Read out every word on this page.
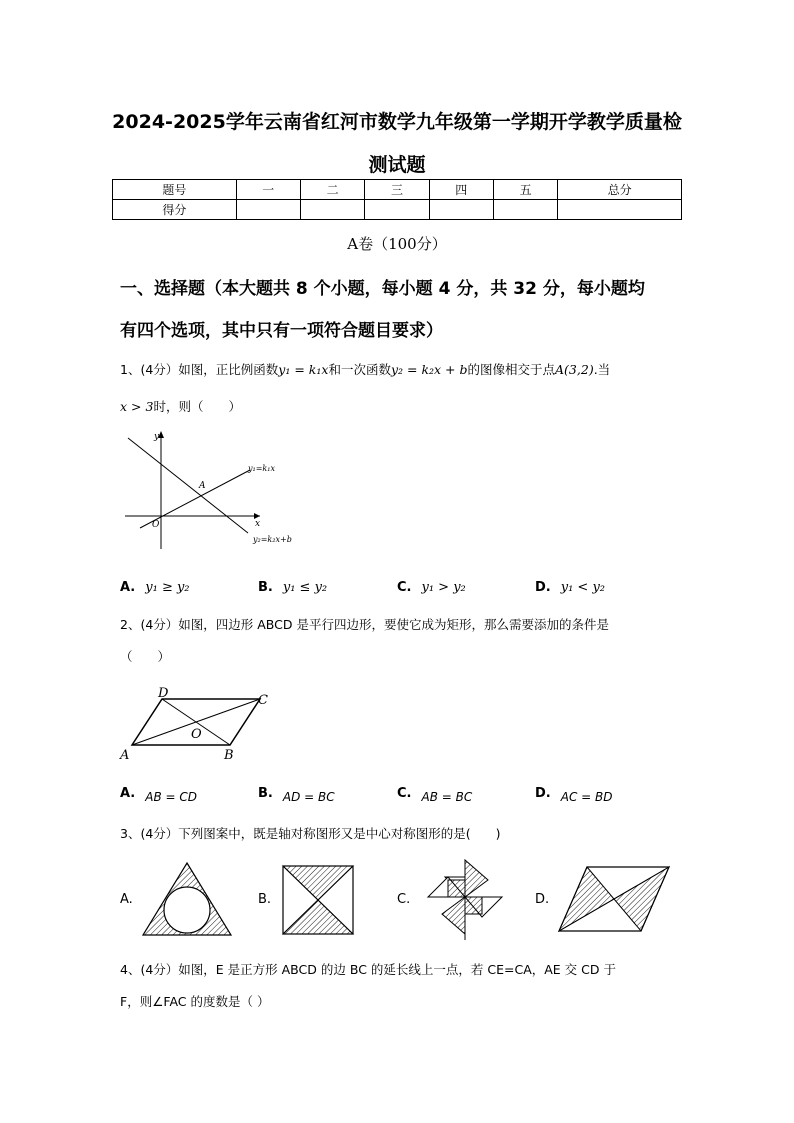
2024-2025学年云南省红河市数学九年级第一学期开学教学质量检
测试题
题号	一	二	三	四	五	总分
得分						
A卷（100分）
一、选择题（本大题共 8 个小题，每小题 4 分，共 32 分，每小题均
有四个选项，其中只有一项符合题目要求）
1、(4分）如图，正比例函数y₁ = k₁x和一次函数y₂ = k₂x + b的图像相交于点A(3,2).当
x > 3时，则（　　）
y
x
O
A
y₁=k₁x
y₂=k₂x+b
A. y₁ ≥ y₂	B. y₁ ≤ y₂	C. y₁ > y₂	D. y₁ < y₂
2、(4分）如图，四边形 ABCD 是平行四边形，要使它成为矩形，那么需要添加的条件是
（　　）
A	B
C
D
O
A. AB = CD	B. AD = BC	C. AB = BC	D. AC = BD
3、(4分）下列图案中，既是轴对称图形又是中心对称图形的是(　　)
A.	B.	C.	D.
4、(4分）如图，E 是正方形 ABCD 的边 BC 的延长线上一点，若 CE=CA，AE 交 CD 于
F，则∠FAC 的度数是（ ）
